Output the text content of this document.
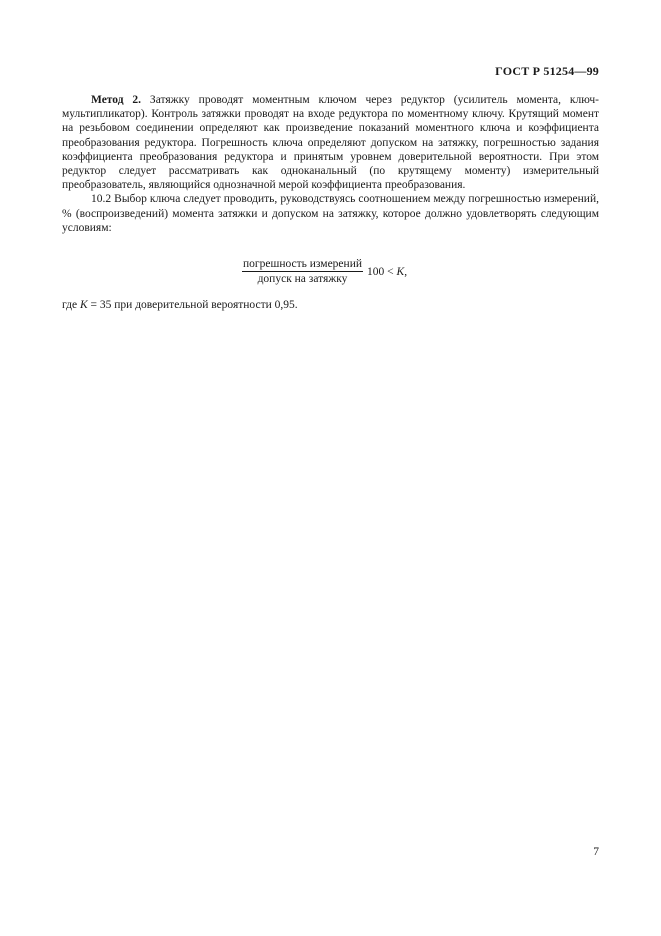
ГОСТ Р 51254—99

Метод 2. Затяжку проводят моментным ключом через редуктор (усилитель момента, ключ-мультипликатор). Контроль затяжки проводят на входе редуктора по моментному ключу. Крутящий момент на резьбовом соединении определяют как произведение показаний моментного ключа и коэффициента преобразования редуктора. Погрешность ключа определяют допуском на затяжку, погрешностью задания коэффициента преобразования редуктора и принятым уровнем доверительной вероятности. При этом редуктор следует рассматривать как одноканальный (по крутящему моменту) измерительный преобразователь, являющийся однозначной мерой коэффициента преобразования.

10.2 Выбор ключа следует проводить, руководствуясь соотношением между погрешностью измерений, % (воспроизведений) момента затяжки и допуском на затяжку, которое должно удовлетворять следующим условиям:

$\frac{\text{погрешность измерений}}{\text{допуск на затяжку}} 100 < K$,
где K = 35 при доверительной вероятности 0,95.
7
